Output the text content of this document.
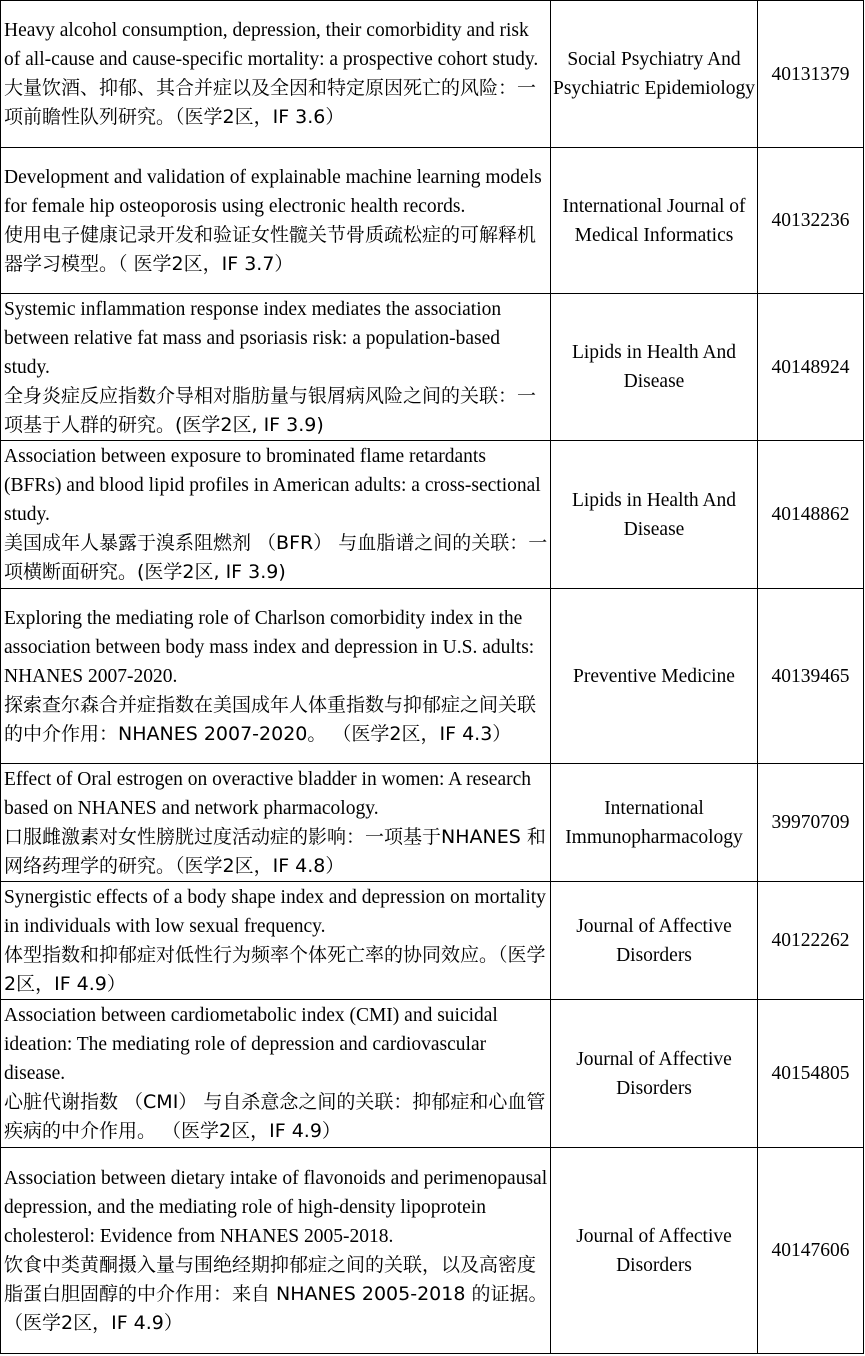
Heavy alcohol consumption, depression, their comorbidity and risk of all-cause and cause-specific mortality: a prospective cohort study.
大量饮酒、抑郁、其合并症以及全因和特定原因死亡的风险：一项前瞻性队列研究。（医学2区，IF 3.6）	Social Psychiatry And Psychiatric Epidemiology	40131379

Development and validation of explainable machine learning models for female hip osteoporosis using electronic health records.
使用电子健康记录开发和验证女性髋关节骨质疏松症的可解释机器学习模型。（ 医学2区，IF 3.7）	International Journal of Medical Informatics	40132236

Systemic inflammation response index mediates the association between relative fat mass and psoriasis risk: a population-based study.
全身炎症反应指数介导相对脂肪量与银屑病风险之间的关联：一项基于人群的研究。(医学2区, IF 3.9)	Lipids in Health And Disease	40148924

Association between exposure to brominated flame retardants (BFRs) and blood lipid profiles in American adults: a cross-sectional study.
美国成年人暴露于溴系阻燃剂 （BFR） 与血脂谱之间的关联：一项横断面研究。(医学2区, IF 3.9)	Lipids in Health And Disease	40148862

Exploring the mediating role of Charlson comorbidity index in the association between body mass index and depression in U.S. adults: NHANES 2007-2020.
探索查尔森合并症指数在美国成年人体重指数与抑郁症之间关联的中介作用：NHANES 2007-2020。 （医学2区，IF 4.3）	Preventive Medicine	40139465

Effect of Oral estrogen on overactive bladder in women: A research based on NHANES and network pharmacology.
口服雌激素对女性膀胱过度活动症的影响：一项基于NHANES 和网络药理学的研究。（医学2区，IF 4.8）	International Immunopharmacology	39970709

Synergistic effects of a body shape index and depression on mortality in individuals with low sexual frequency.
体型指数和抑郁症对低性行为频率个体死亡率的协同效应。（医学2区，IF 4.9）	Journal of Affective Disorders	40122262

Association between cardiometabolic index (CMI) and suicidal ideation: The mediating role of depression and cardiovascular disease.
心脏代谢指数 （CMI） 与自杀意念之间的关联：抑郁症和心血管疾病的中介作用。 （医学2区，IF 4.9）	Journal of Affective Disorders	40154805

Association between dietary intake of flavonoids and perimenopausal depression, and the mediating role of high-density lipoprotein cholesterol: Evidence from NHANES 2005-2018.
饮食中类黄酮摄入量与围绝经期抑郁症之间的关联，以及高密度脂蛋白胆固醇的中介作用：来自 NHANES 2005-2018 的证据。 （医学2区，IF 4.9）	Journal of Affective Disorders	40147606
